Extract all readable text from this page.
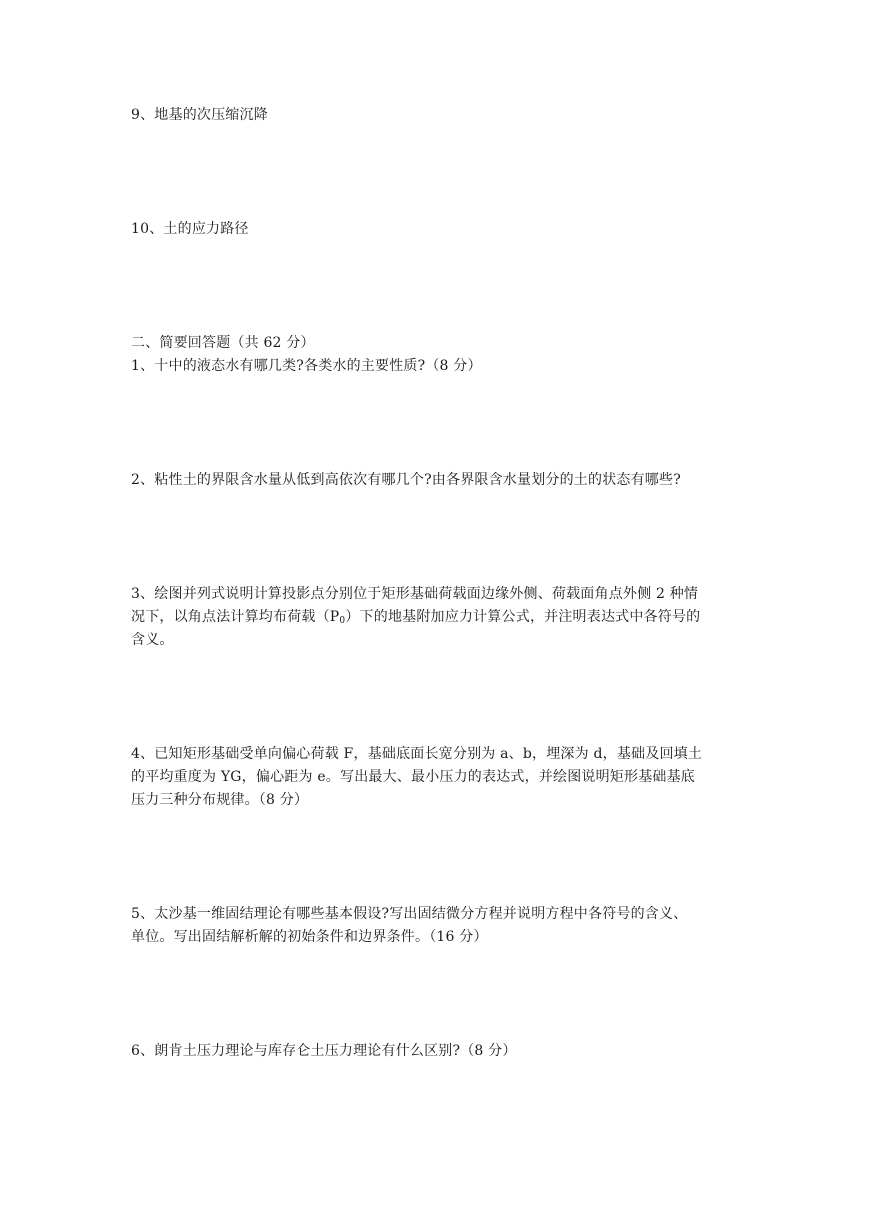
9、地基的次压缩沉降
10、土的应力路径
二、简要回答题（共 62 分）
1、十中的液态水有哪几类?各类水的主要性质?（8 分）
2、粘性土的界限含水量从低到高依次有哪几个?由各界限含水量划分的土的状态有哪些?
3、绘图并列式说明计算投影点分别位于矩形基础荷载面边缘外侧、荷载面角点外侧 2 种情
况下，以角点法计算均布荷载$(P_0)$下的地基附加应力计算公式，并注明表达式中各符号的
含义。
4、已知矩形基础受单向偏心荷载 F，基础底面长宽分别为 a、b，埋深为 d，基础及回填土
的平均重度为 YG，偏心距为 e。写出最大、最小压力的表达式，并绘图说明矩形基础基底
压力三种分布规律。（8 分）
5、太沙基一维固结理论有哪些基本假设?写出固结微分方程并说明方程中各符号的含义、
单位。写出固结解析解的初始条件和边界条件。（16 分）
6、朗肯土压力理论与库存仑土压力理论有什么区别?（8 分）
